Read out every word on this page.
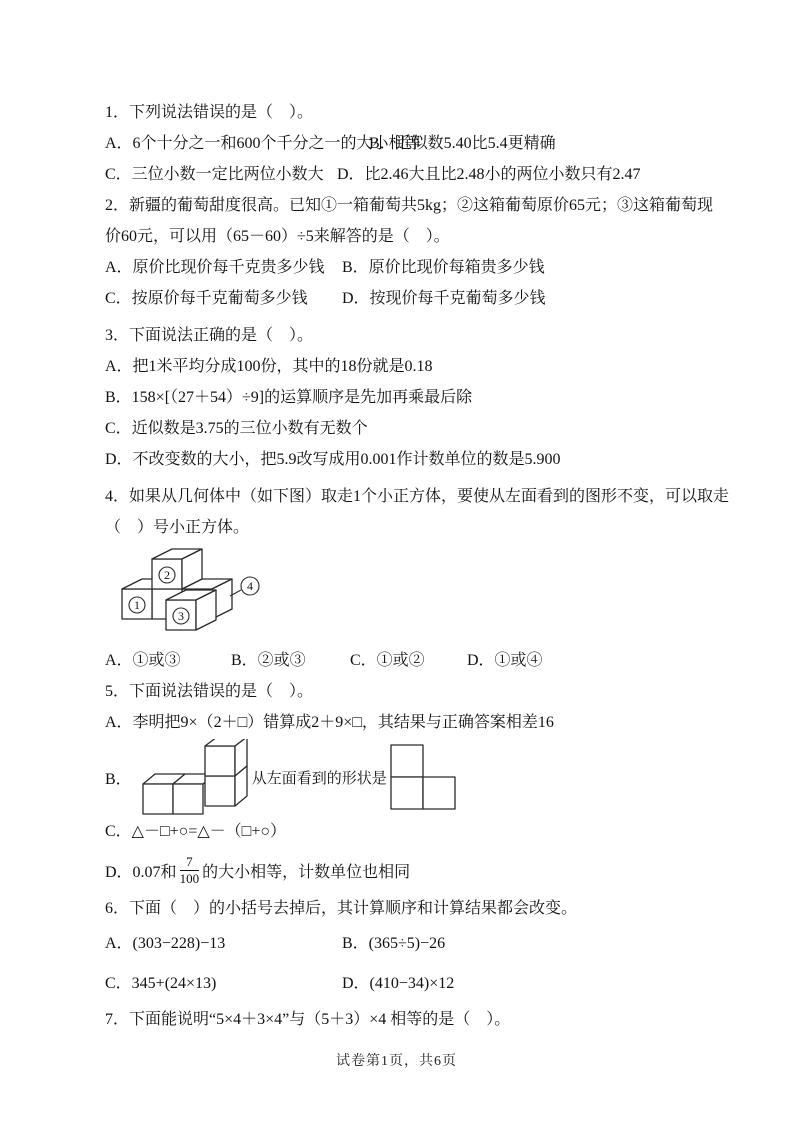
1．下列说法错误的是（　）。
A．6个十分之一和600个千分之一的大小相等 B．近似数5.40比5.4更精确
C．三位小数一定比两位小数大 D．比2.46大且比2.48小的两位小数只有2.47
2．新疆的葡萄甜度很高。已知①一箱葡萄共5kg；②这箱葡萄原价65元；③这箱葡萄现
价60元，可以用（65－60）÷5来解答的是（　）。
A．原价比现价每千克贵多少钱 B．原价比现价每箱贵多少钱
C．按原价每千克葡萄多少钱 D．按现价每千克葡萄多少钱
3．下面说法正确的是（　）。
A．把1米平均分成100份，其中的18份就是0.18
B．158×[（27＋54）÷9]的运算顺序是先加再乘最后除
C．近似数是3.75的三位小数有无数个
D．不改变数的大小，把5.9改写成用0.001作计数单位的数是5.900
4．如果从几何体中（如下图）取走1个小正方体，要使从左面看到的图形不变，可以取走
（　）号小正方体。
1
2
3
4
A．①或③	B．②或③	C．①或②	D．①或④
5．下面说法错误的是（　）。
A．李明把9×（2＋□）错算成2＋9×□，其结果与正确答案相差16
B．	从左面看到的形状是
C．△－□+○=△－（□+○）
D．0.07和 $\frac{7}{100}$ 的大小相等，计数单位也相同
6．下面（　）的小括号去掉后，其计算顺序和计算结果都会改变。
A．(303−228)−13	B．(365÷5)−26
C．345+(24×13)	D．(410−34)×12
7．下面能说明“5×4＋3×4”与（5＋3）×4 相等的是（　）。
试卷第1页，共6页
